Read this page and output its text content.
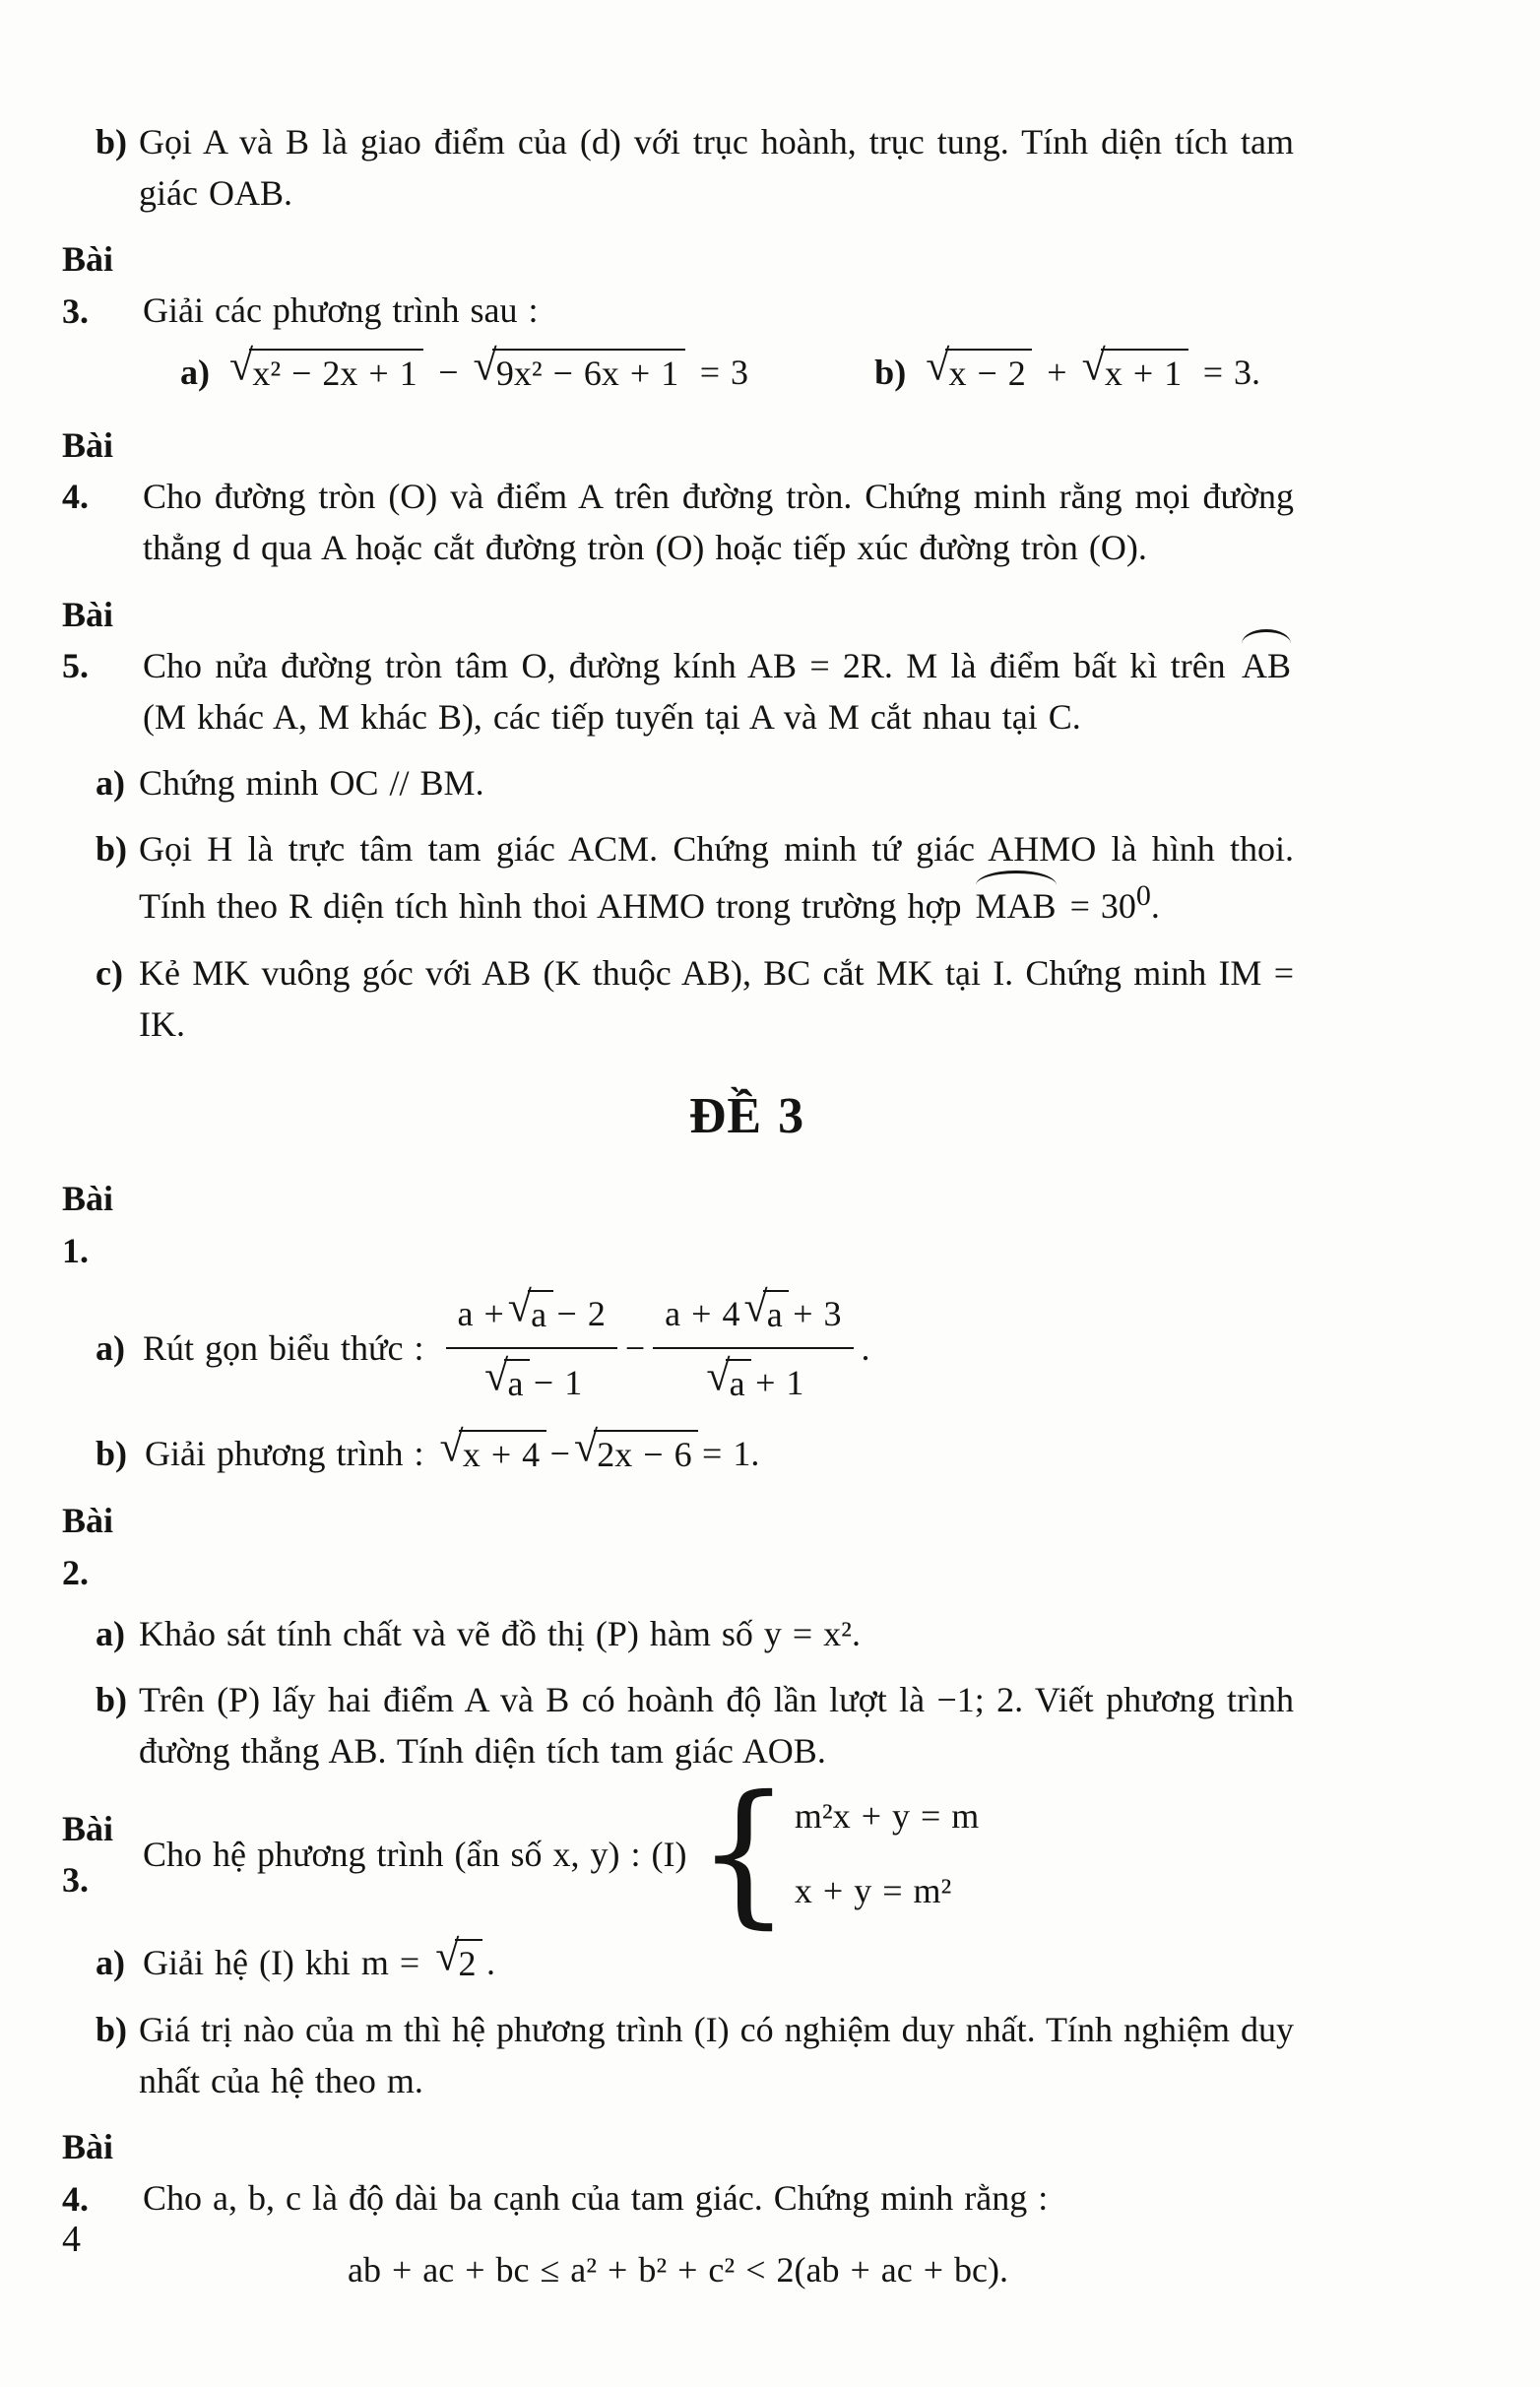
b) Gọi A và B là giao điểm của (d) với trục hoành, trục tung. Tính diện tích tam giác OAB.
Bài 3. Giải các phương trình sau :
a) √ x² − 2x + 1 − √ 9x² − 6x + 1 = 3	b) √ x − 2 + √ x + 1 = 3.
Bài 4. Cho đường tròn (O) và điểm A trên đường tròn. Chứng minh rằng mọi đường thẳng d qua A hoặc cắt đường tròn (O) hoặc tiếp xúc đường tròn (O).
Bài 5. Cho nửa đường tròn tâm O, đường kính AB = 2R. M là điểm bất kì trên AB (M khác A, M khác B), các tiếp tuyến tại A và M cắt nhau tại C.
a) Chứng minh OC // BM.
b) Gọi H là trực tâm tam giác ACM. Chứng minh tứ giác AHMO là hình thoi. Tính theo R diện tích hình thoi AHMO trong trường hợp MAB = $30^0$.
c) Kẻ MK vuông góc với AB (K thuộc AB), BC cắt MK tại I. Chứng minh IM = IK.
ĐỀ 3
Bài 1.
a) Rút gọn biểu thức : a + √ a − 2
√ a − 1 − a + 4 √ a + 3
√ a + 1 .
b) Giải phương trình : √ x + 4 − √ 2x − 6 = 1.
Bài 2.
a) Khảo sát tính chất và vẽ đồ thị (P) hàm số y = x².
b) Trên (P) lấy hai điểm A và B có hoành độ lần lượt là −1; 2. Viết phương trình đường thẳng AB. Tính diện tích tam giác AOB.
Bài 3.
Cho hệ phương trình (ẩn số x, y) : (I) { m²x + y = m
x + y = m²
a) Giải hệ (I) khi m = √ 2 .
b) Giá trị nào của m thì hệ phương trình (I) có nghiệm duy nhất. Tính nghiệm duy nhất của hệ theo m.
Bài 4. Cho a, b, c là độ dài ba cạnh của tam giác. Chứng minh rằng :
ab + ac + bc ≤ a² + b² + c² < 2(ab + ac + bc).
4
